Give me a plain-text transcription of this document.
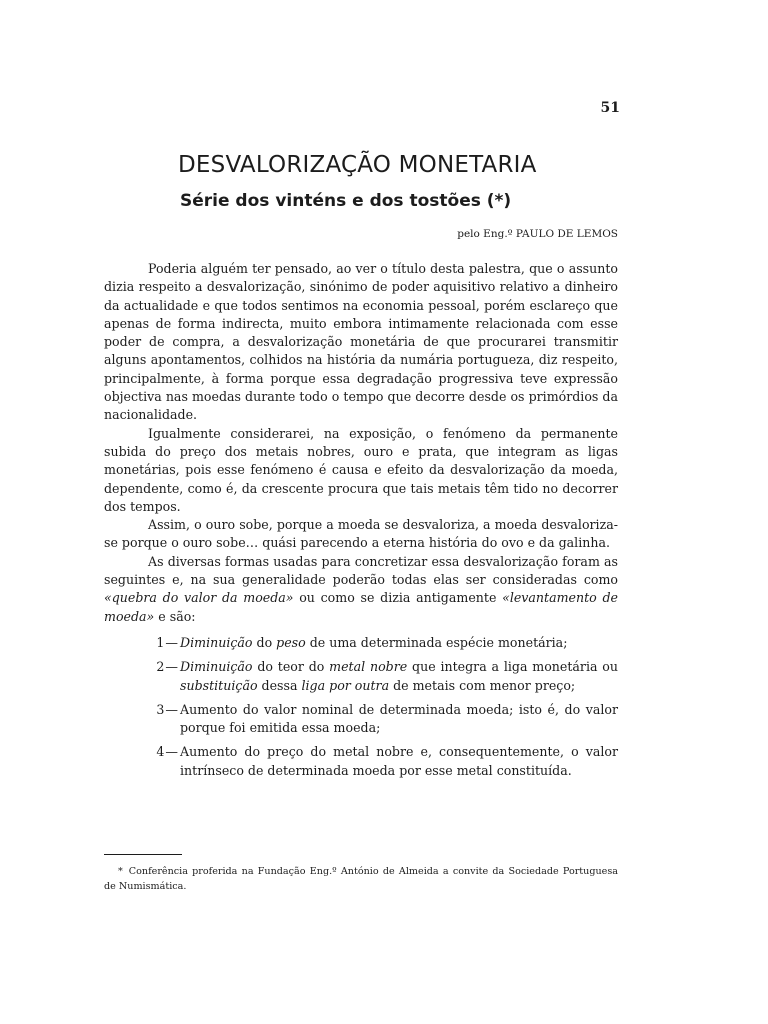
51
DESVALORIZAÇÃO MONETARIA
Série dos vinténs e dos tostões (*)
pelo Eng.º PAULO DE LEMOS

Poderia alguém ter pensado, ao ver o título desta palestra, que o assunto dizia respeito a desvalorização, sinónimo de poder aquisitivo relativo a dinheiro da actualidade e que todos sentimos na economia pessoal, porém esclareço que apenas de forma indirecta, muito embora intimamente relacionada com esse poder de compra, a desvalorização monetária de que procurarei transmitir alguns apontamentos, colhidos na história da numária portugueza, diz respeito, principalmente, à forma porque essa degradação progressiva teve expressão objectiva nas moedas durante todo o tempo que decorre desde os primórdios da nacionalidade.

Igualmente considerarei, na exposição, o fenómeno da permanente subida do preço dos metais nobres, ouro e prata, que integram as ligas monetárias, pois esse fenómeno é causa e efeito da desvalorização da moeda, dependente, como é, da crescente procura que tais metais têm tido no decorrer dos tempos.

Assim, o ouro sobe, porque a moeda se desvaloriza, a moeda desvaloriza-se porque o ouro sobe… quási parecendo a eterna história do ovo e da galinha.

As diversas formas usadas para concretizar essa desvalorização foram as seguintes e, na sua generalidade poderão todas elas ser consideradas como «quebra do valor da moeda» ou como se dizia antigamente «levantamento de moeda» e são:

1— Diminuição do peso de uma determinada espécie monetária;
2— Diminuição do teor do metal nobre que integra a liga monetária ou substituição dessa liga por outra de metais com menor preço;
3— Aumento do valor nominal de determinada moeda; isto é, do valor porque foi emitida essa moeda;
4— Aumento do preço do metal nobre e, consequentemente, o valor intrínseco de determinada moeda por esse metal constituída.
* Conferência proferida na Fundação Eng.º António de Almeida a convite da Sociedade Portuguesa de Numismática.
